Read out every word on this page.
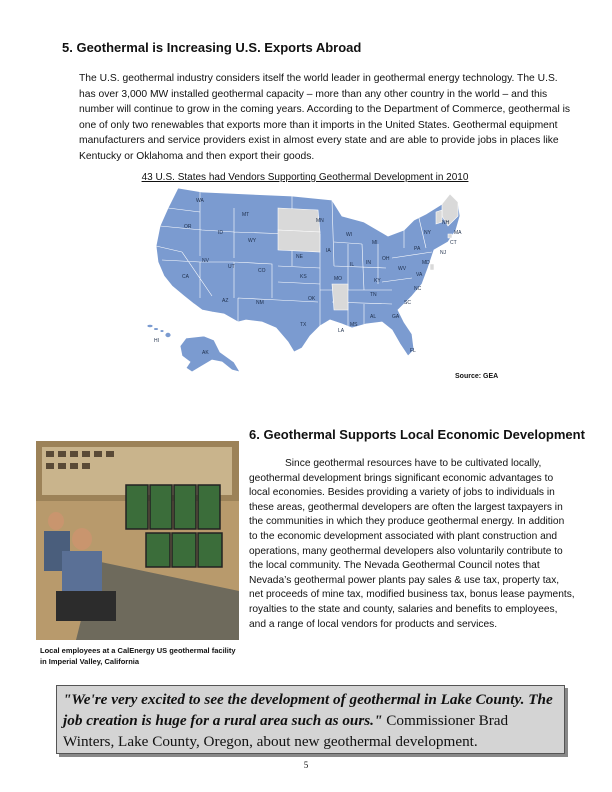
5. Geothermal is Increasing U.S. Exports Abroad

The U.S. geothermal industry considers itself the world leader in geothermal energy technology. The U.S. has over 3,000 MW installed geothermal capacity – more than any other country in the world – and this number will continue to grow in the coming years. According to the Department of Commerce, geothermal is one of only two renewables that exports more than it imports in the United States. Geothermal equipment manufacturers and service providers exist in almost every state and are able to provide jobs in places like Kentucky or Oklahoma and then export their goods.

43 U.S. States had Vendors Supporting Geothermal Development in 2010

WA
OR
ID
MT
WY
NV
CA
UT
CO
AZ	NM
NE
KS
OK
TX
MN
IA
MO
WI
IL
MI
IN
OH
KY
TN
MS
AL	GA
FL
SC
NC
VA
WV
PA
NY
MD
NJ
CT
MA
NH
LA
AK
HI
Source: GEA

Local employees at a CalEnergy US geothermal facility in Imperial Valley, California

6. Geothermal Supports Local Economic Development

Since geothermal resources have to be cultivated locally, geothermal development brings significant economic advantages to local economies. Besides providing a variety of jobs to individuals in these areas, geothermal developers are often the largest taxpayers in the communities in which they produce geothermal energy. In addition to the economic development associated with plant construction and operations, many geothermal developers also voluntarily contribute to the local community. The Nevada Geothermal Council notes that Nevada’s geothermal power plants pay sales & use tax, property tax, net proceeds of mine tax, modified business tax, bonus lease payments, royalties to the state and county, salaries and benefits to employees, and a range of local vendors for products and services.

"We're very excited to see the development of geothermal in Lake County. The job creation is huge for a rural area such as ours." Commissioner Brad Winters, Lake County, Oregon, about new geothermal development.
5
